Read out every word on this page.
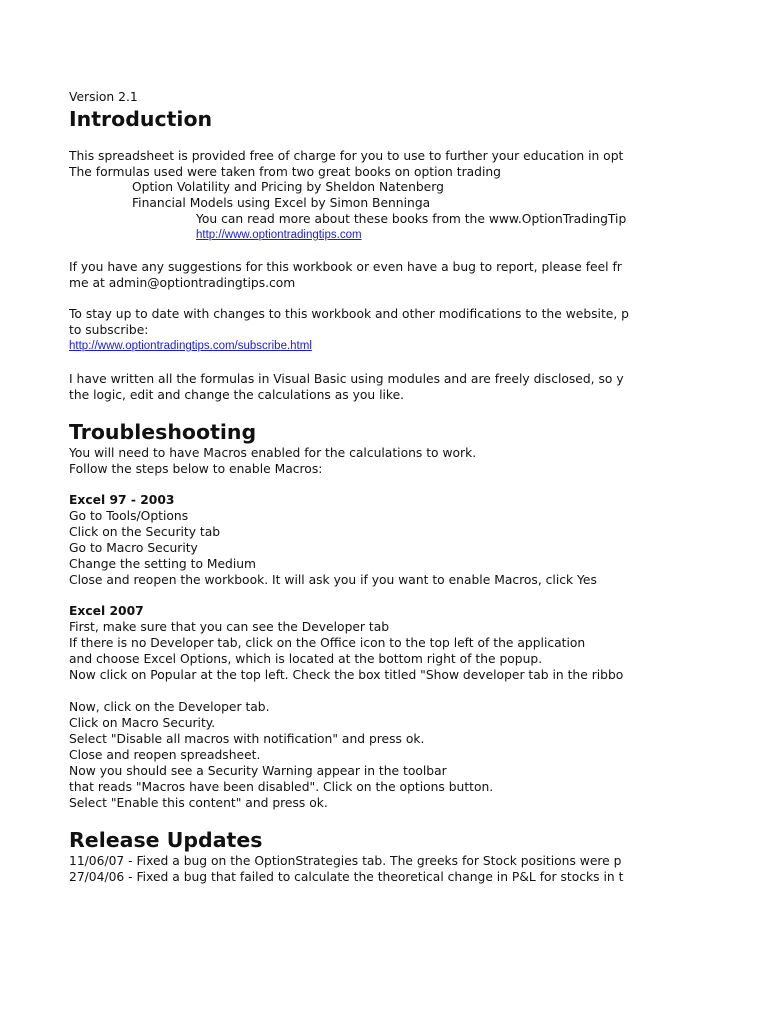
Version 2.1
Introduction
This spreadsheet is provided free of charge for you to use to further your education in opt
The formulas used were taken from two great books on option trading
Option Volatility and Pricing by Sheldon Natenberg
Financial Models using Excel by Simon Benninga
You can read more about these books from the www.OptionTradingTip
http://www.optiontradingtips.com
If you have any suggestions for this workbook or even have a bug to report, please feel fr
me at admin@optiontradingtips.com
To stay up to date with changes to this workbook and other modifications to the website, p
to subscribe:
http://www.optiontradingtips.com/subscribe.html
I have written all the formulas in Visual Basic using modules and are freely disclosed, so y
the logic, edit and change the calculations as you like.
Troubleshooting
You will need to have Macros enabled for the calculations to work.
Follow the steps below to enable Macros:
Excel 97 - 2003
Go to Tools/Options
Click on the Security tab
Go to Macro Security
Change the setting to Medium
Close and reopen the workbook. It will ask you if you want to enable Macros, click Yes
Excel 2007
First, make sure that you can see the Developer tab
If there is no Developer tab, click on the Office icon to the top left of the application
and choose Excel Options, which is located at the bottom right of the popup.
Now click on Popular at the top left. Check the box titled "Show developer tab in the ribbo
Now, click on the Developer tab.
Click on Macro Security.
Select "Disable all macros with notification" and press ok.
Close and reopen spreadsheet.
Now you should see a Security Warning appear in the toolbar
that reads "Macros have been disabled". Click on the options button.
Select "Enable this content" and press ok.
Release Updates
11/06/07 - Fixed a bug on the OptionStrategies tab. The greeks for Stock positions were p
27/04/06 - Fixed a bug that failed to calculate the theoretical change in P&L for stocks in t
